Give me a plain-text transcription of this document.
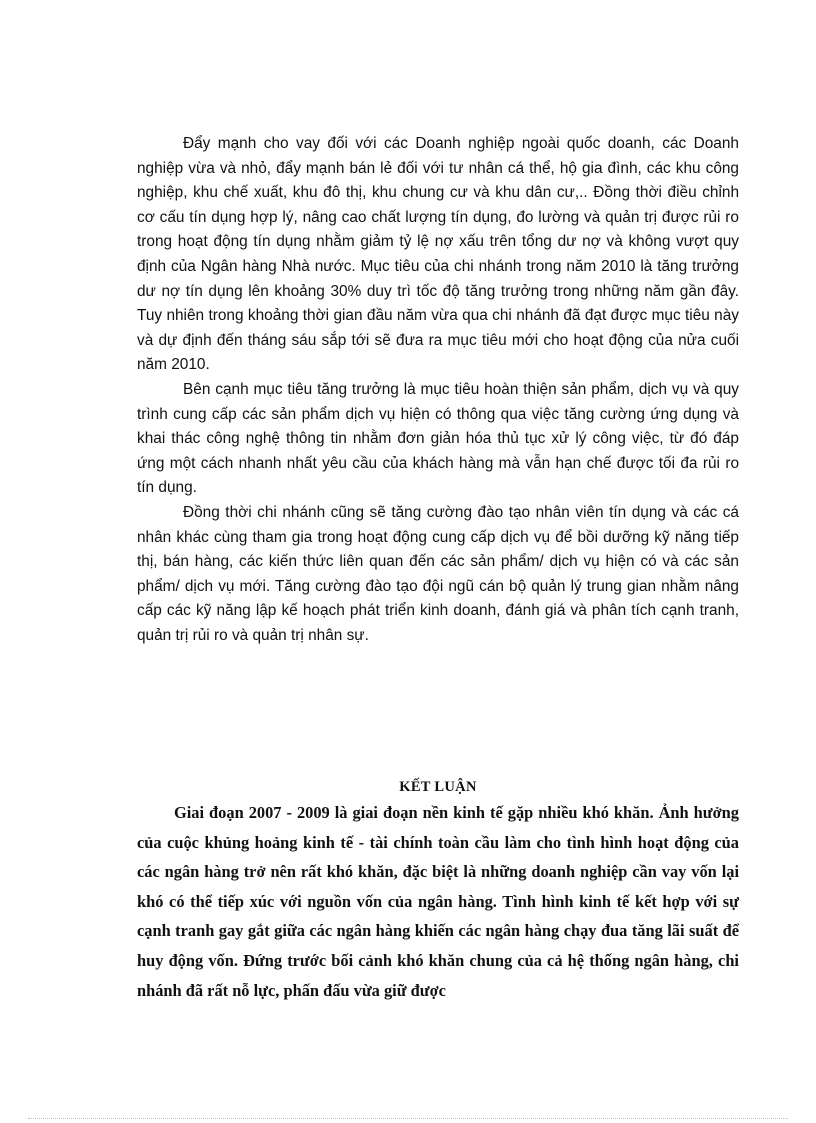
Đẩy mạnh cho vay đối với các Doanh nghiệp ngoài quốc doanh, các Doanh nghiệp vừa và nhỏ, đẩy mạnh bán lẻ đối với tư nhân cá thể, hộ gia đình, các khu công nghiệp, khu chế xuất, khu đô thị, khu chung cư và khu dân cư,.. Đồng thời điều chỉnh cơ cấu tín dụng hợp lý, nâng cao chất lượng tín dụng, đo lường và quản trị được rủi ro trong hoạt động tín dụng nhằm giảm tỷ lệ nợ xấu trên tổng dư nợ và không vượt quy định của Ngân hàng Nhà nước. Mục tiêu của chi nhánh trong năm 2010 là tăng trưởng dư nợ tín dụng lên khoảng 30% duy trì tốc độ tăng trưởng trong những năm gần đây. Tuy nhiên trong khoảng thời gian đầu năm vừa qua chi nhánh đã đạt được mục tiêu này và dự định đến tháng sáu sắp tới sẽ đưa ra mục tiêu mới cho hoạt động của nửa cuối năm 2010.

Bên cạnh mục tiêu tăng trưởng là mục tiêu hoàn thiện sản phẩm, dịch vụ và quy trình cung cấp các sản phẩm dịch vụ hiện có thông qua việc tăng cường ứng dụng và khai thác công nghệ thông tin nhằm đơn giản hóa thủ tục xử lý công việc, từ đó đáp ứng một cách nhanh nhất yêu cầu của khách hàng mà vẫn hạn chế được tối đa rủi ro tín dụng.

Đồng thời chi nhánh cũng sẽ tăng cường đào tạo nhân viên tín dụng và các cá nhân khác cùng tham gia trong hoạt động cung cấp dịch vụ để bồi dưỡng kỹ năng tiếp thị, bán hàng, các kiến thức liên quan đến các sản phẩm/ dịch vụ hiện có và các sản phẩm/ dịch vụ mới. Tăng cường đào tạo đội ngũ cán bộ quản lý trung gian nhằm nâng cấp các kỹ năng lập kế hoạch phát triển kinh doanh, đánh giá và phân tích cạnh tranh, quản trị rủi ro và quản trị nhân sự.

KẾT LUẬN

Giai đoạn 2007 - 2009 là giai đoạn nền kinh tế gặp nhiều khó khăn. Ảnh hưởng của cuộc khủng hoảng kinh tế - tài chính toàn cầu làm cho tình hình hoạt động của các ngân hàng trở nên rất khó khăn, đặc biệt là những doanh nghiệp cần vay vốn lại khó có thể tiếp xúc với nguồn vốn của ngân hàng. Tình hình kinh tế kết hợp với sự cạnh tranh gay gắt giữa các ngân hàng khiến các ngân hàng chạy đua tăng lãi suất để huy động vốn. Đứng trước bối cảnh khó khăn chung của cả hệ thống ngân hàng, chi nhánh đã rất nỗ lực, phấn đấu vừa giữ được
